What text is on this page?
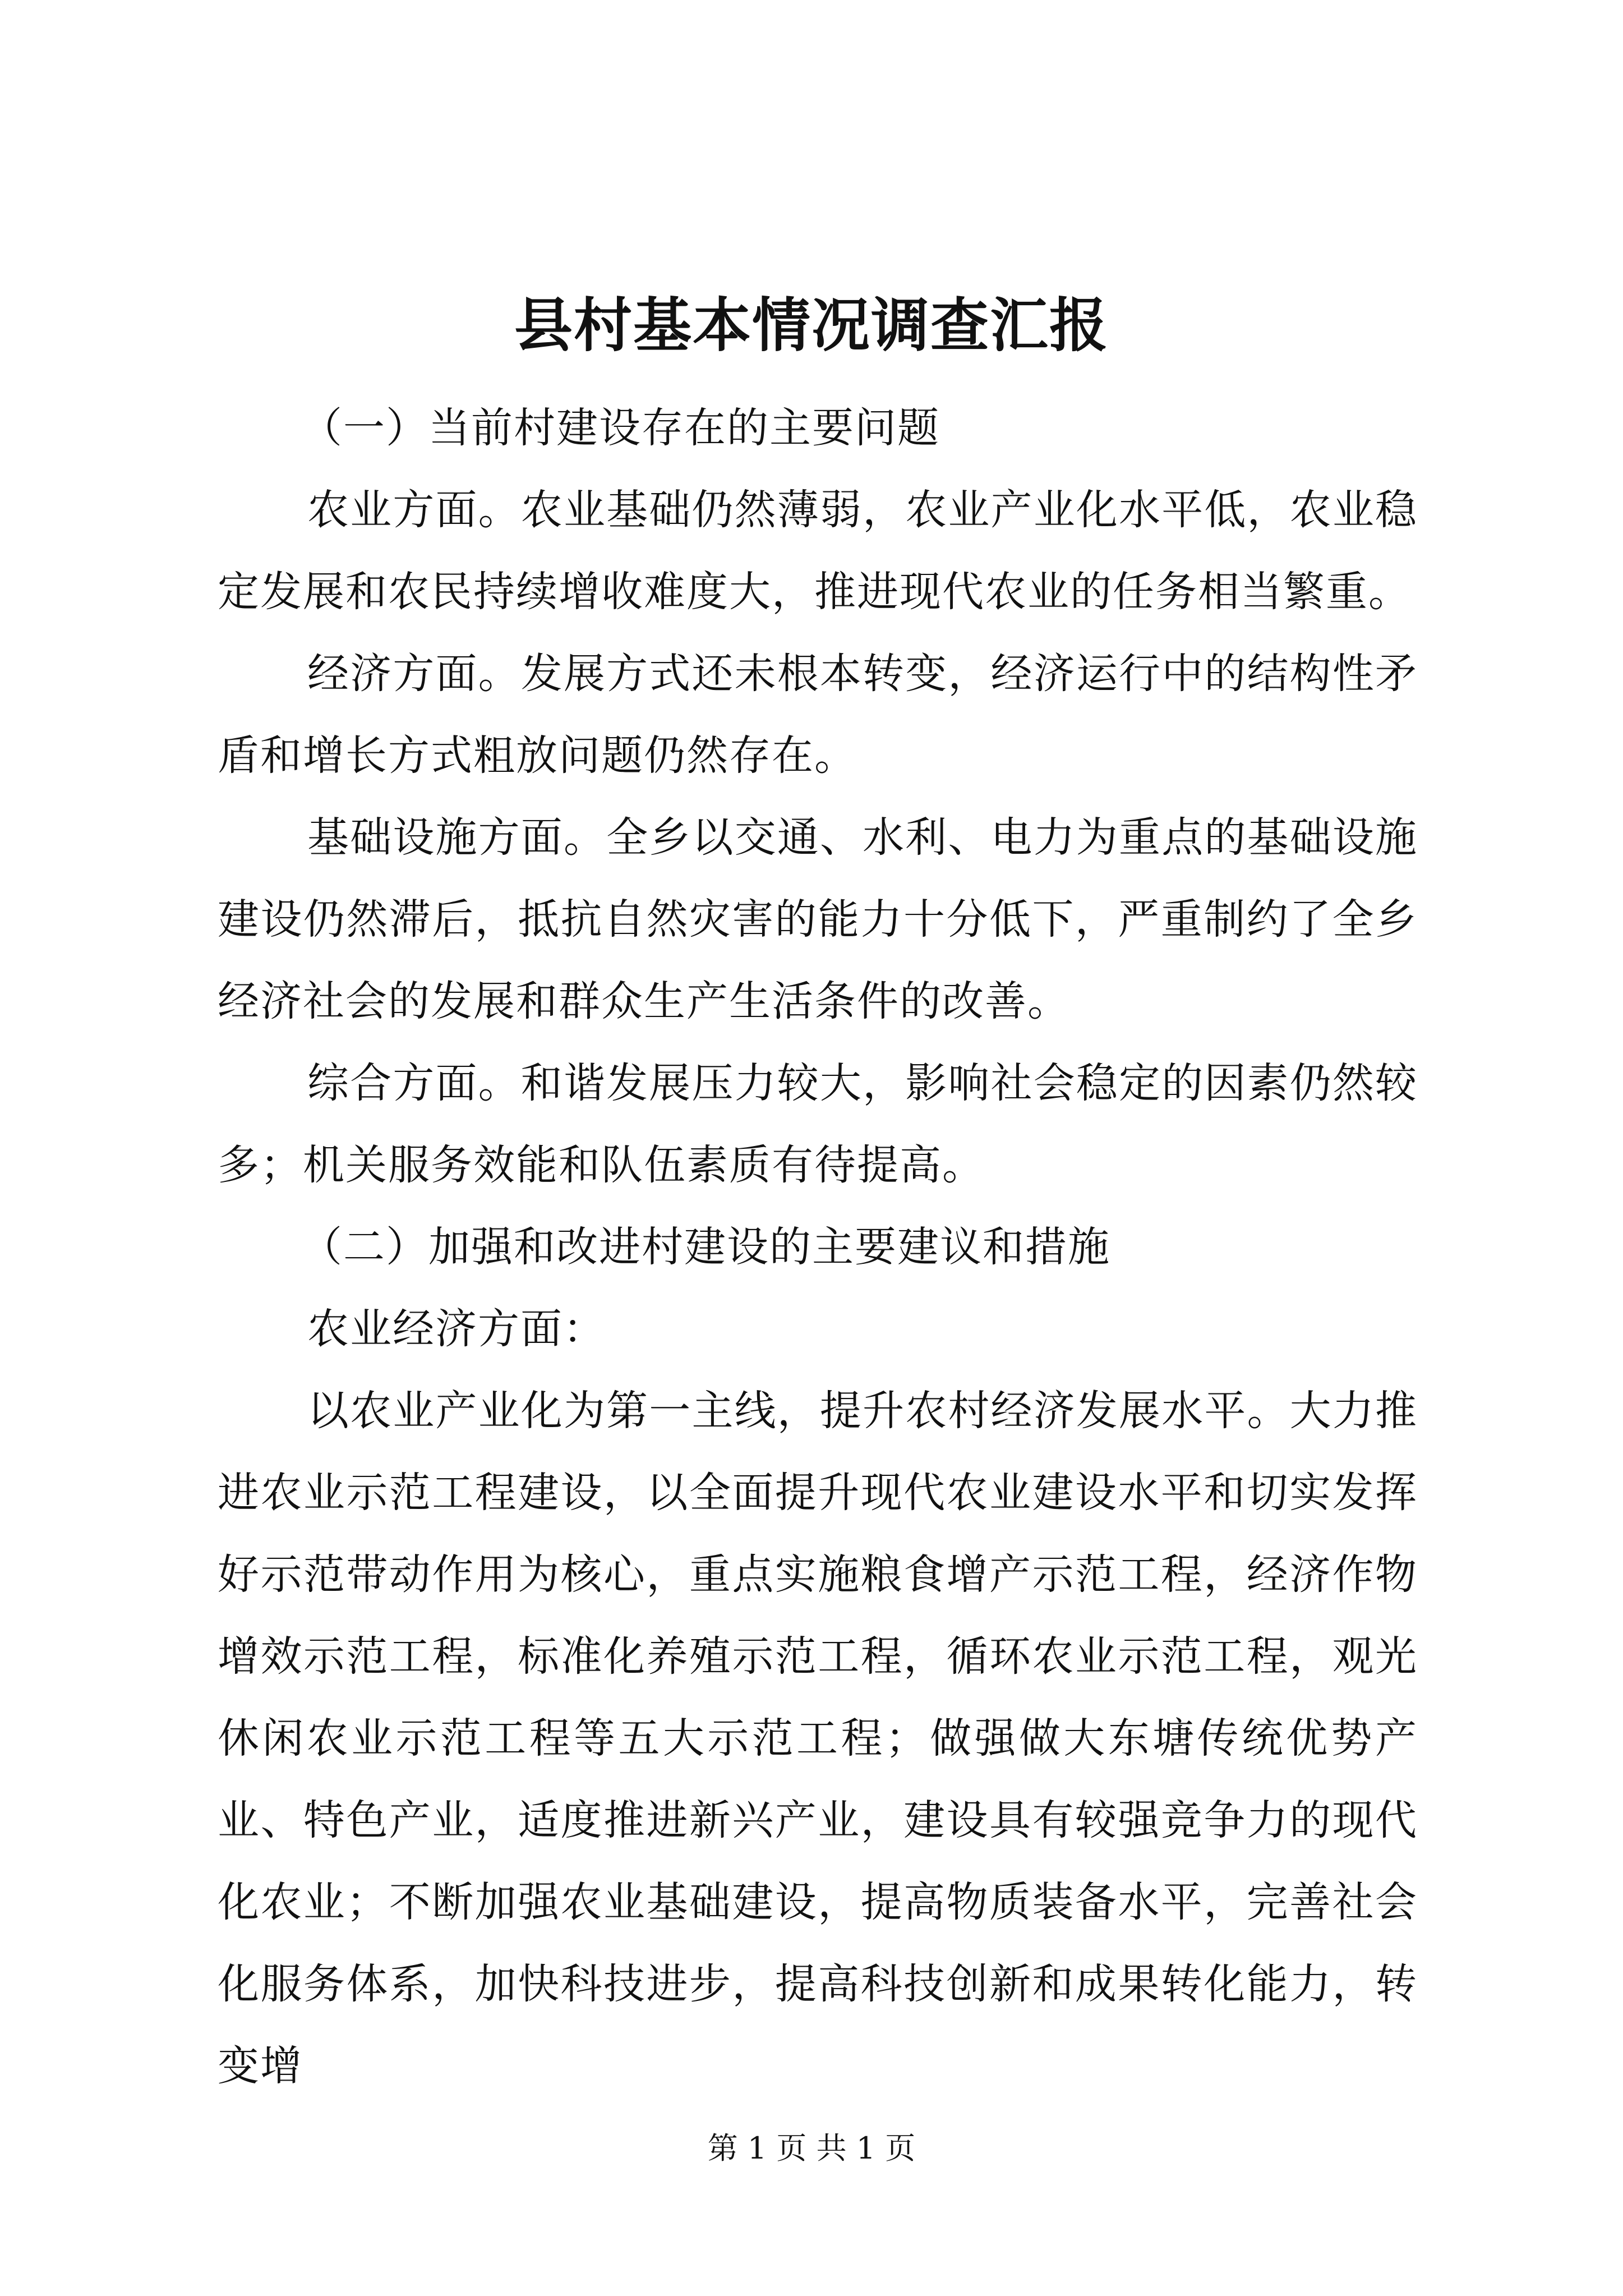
县村基本情况调查汇报

（一）当前村建设存在的主要问题

农业方面。农业基础仍然薄弱，农业产业化水平低，农业稳定发展和农民持续增收难度大，推进现代农业的任务相当繁重。

经济方面。发展方式还未根本转变，经济运行中的结构性矛盾和增长方式粗放问题仍然存在。

基础设施方面。全乡以交通、水利、电力为重点的基础设施建设仍然滞后，抵抗自然灾害的能力十分低下，严重制约了全乡经济社会的发展和群众生产生活条件的改善。

综合方面。和谐发展压力较大，影响社会稳定的因素仍然较多；机关服务效能和队伍素质有待提高。

（二）加强和改进村建设的主要建议和措施

农业经济方面：

以农业产业化为第一主线，提升农村经济发展水平。大力推进农业示范工程建设，以全面提升现代农业建设水平和切实发挥好示范带动作用为核心，重点实施粮食增产示范工程，经济作物增效示范工程，标准化养殖示范工程，循环农业示范工程，观光休闲农业示范工程等五大示范工程；做强做大东塘传统优势产业、特色产业，适度推进新兴产业，建设具有较强竞争力的现代化农业；不断加强农业基础建设，提高物质装备水平，完善社会化服务体系，加快科技进步，提高科技创新和成果转化能力，转变增

第 1 页 共 1 页
